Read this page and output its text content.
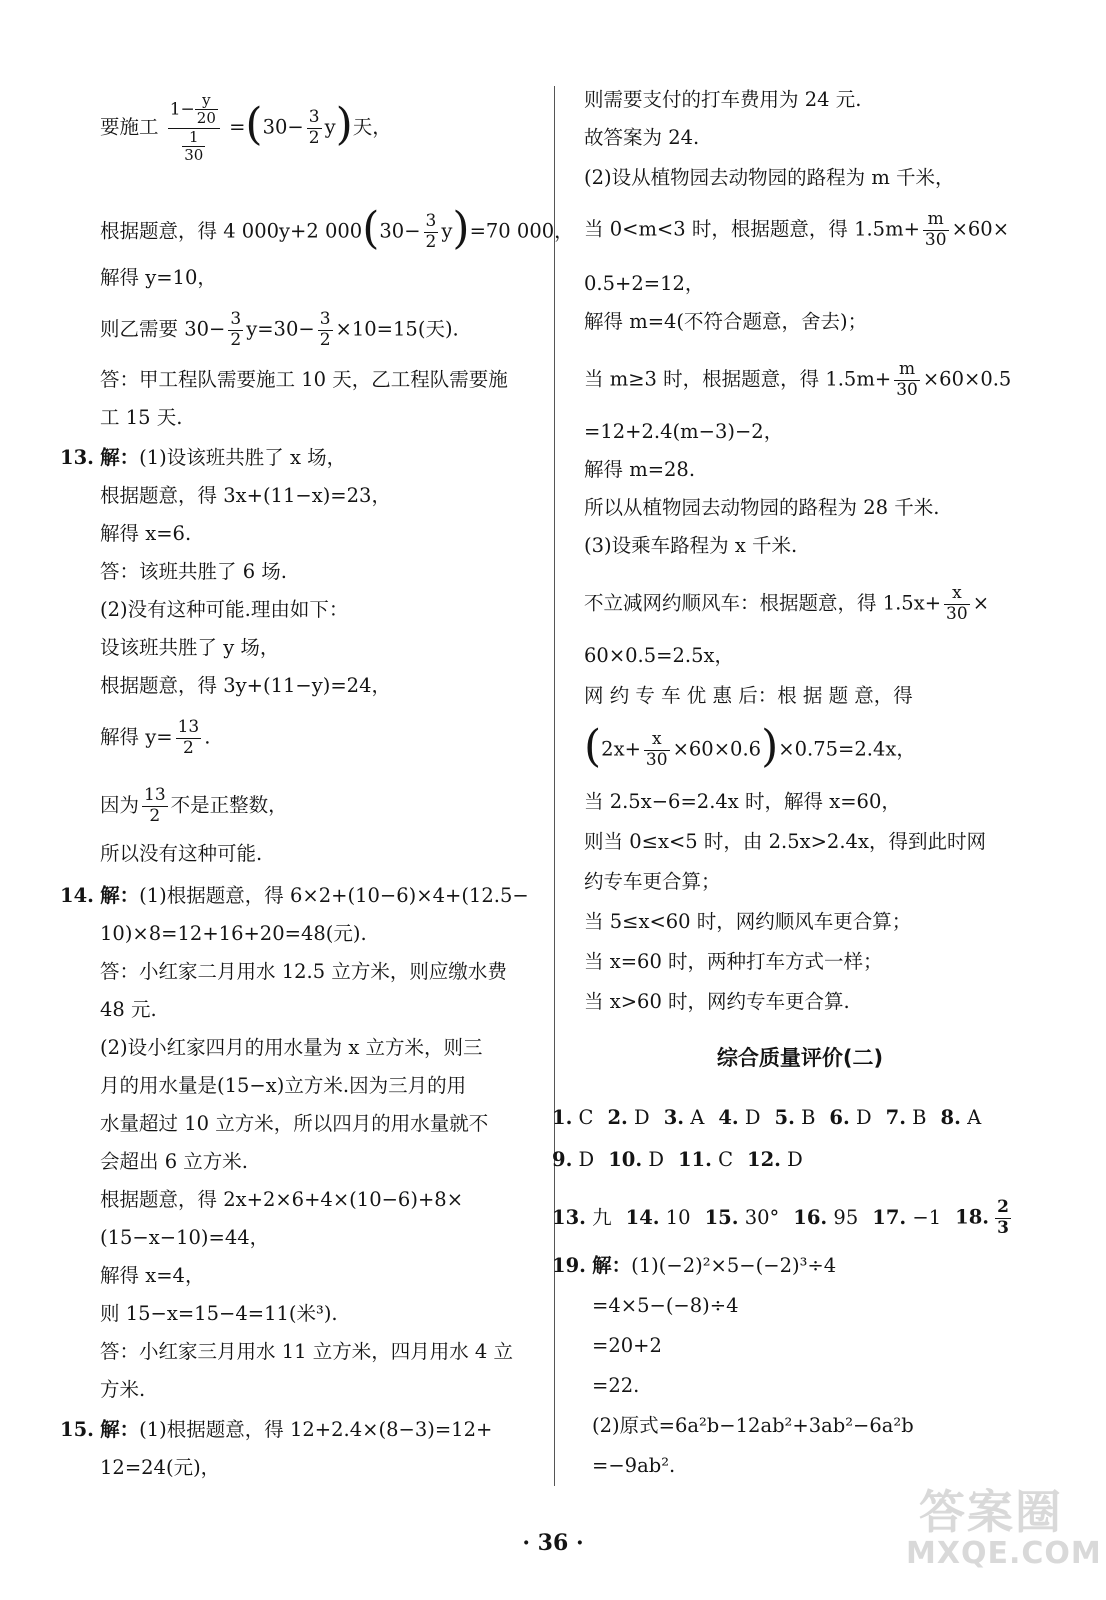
要施工 $\frac{1- \frac{y}{20}}{\frac{1}{30}} =(30- \frac{3}{2} y)$天，
根据题意，得 4 000y+2 $000(30- \frac{3}{2} y)=70$ 000，
解得 y=10，
则乙需要 $30- \frac{3}{2} y=30- \frac{3}{2} \times 10=15$(天).
答：甲工程队需要施工 10 天，乙工程队需要施
工 15 天.
13. 解：(1)设该班共胜了 x 场，
根据题意，得 3x+(11−x)=23，
解得 x=6.
答：该班共胜了 6 场.
(2)没有这种可能.理由如下：
设该班共胜了 y 场，
根据题意，得 3y+(11−y)=24，
解得 $y= \frac{13}{2}$ .
因为 $\frac{13}{2}$ 不是正整数，
所以没有这种可能.
14. 解：(1)根据题意，得 6×2+(10−6)×4+(12.5−
10)×8=12+16+20=48(元).
答：小红家二月用水 12.5 立方米，则应缴水费
48 元.
(2)设小红家四月的用水量为 x 立方米，则三
月的用水量是(15−x)立方米.因为三月的用
水量超过 10 立方米，所以四月的用水量就不
会超出 6 立方米.
根据题意，得 2x+2×6+4×(10−6)+8×
(15−x−10)=44，
解得 x=4，
则 15−x=15−4=11(米³).
答：小红家三月用水 11 立方米，四月用水 4 立
方米.
15. 解：(1)根据题意，得 12+2.4×(8−3)=12+
12=24(元)，
则需要支付的打车费用为 24 元.
故答案为 24.
(2)设从植物园去动物园的路程为 m 千米，
当 0<m<3 时，根据题意，得 $1.5m+ \frac{m}{30} \times 60\times$
0.5+2=12，
解得 m=4(不符合题意，舍去)；
当 m≥3 时，根据题意，得 $1.5m+ \frac{m}{30} \times 60\times 0.5$
=12+2.4(m−3)−2，
解得 m=28.
所以从植物园去动物园的路程为 28 千米.
(3)设乘车路程为 x 千米.
不立减网约顺风车：根据题意，得 $1.5x+ \frac{x}{30}$ ×
60×0.5=2.5x，
网 约 专 车 优 惠 后：根 据 题 意，得
$(2x+ \frac{x}{30} \times 60\times 0.6)\times 0.75=2.4x$，
当 2.5x−6=2.4x 时，解得 x=60，
则当 0≤x<5 时，由 2.5x>2.4x，得到此时网
约专车更合算；
当 5≤x<60 时，网约顺风车更合算；
当 x=60 时，两种打车方式一样；
当 x>60 时，网约专车更合算.
综合质量评价(二)
1. C 2. D 3. A 4. D 5. B 6. D 7. B 8. A
9. D 10. D 11. C 12. D
13. 九 14. 10 15. 30° 16. 95 17. −1 18. $\frac{2}{3}$
19. 解：(1)(−2)²×5−(−2)³÷4
=4×5−(−8)÷4
=20+2
=22.
(2)原式=6a²b−12ab²+3ab²−6a²b
=−9ab².
· 36 ·
答案圈
MXQE.COM
